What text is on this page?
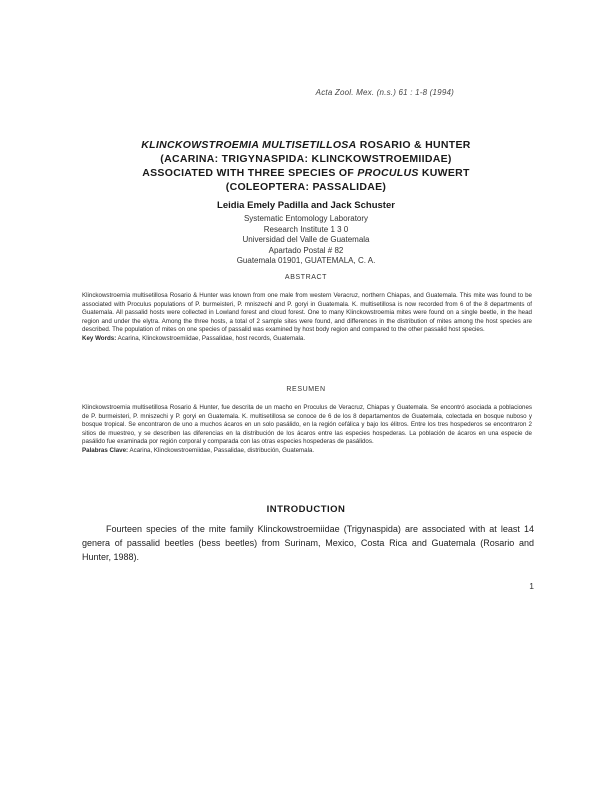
Acta Zool. Mex. (n.s.) 61 : 1-8 (1994)
KLINCKOWSTROEMIA MULTISETILLOSA ROSARIO & HUNTER
(ACARINA: TRIGYNASPIDA: KLINCKOWSTROEMIIDAE)
ASSOCIATED WITH THREE SPECIES OF PROCULUS KUWERT
(COLEOPTERA: PASSALIDAE)
Leidia Emely Padilla and Jack Schuster
Systematic Entomology Laboratory
Research Institute 1 3 0
Universidad del Valle de Guatemala
Apartado Postal # 82
Guatemala 01901, GUATEMALA, C. A.
ABSTRACT
Klinckowstroemia multisetillosa Rosario & Hunter was known from one male from western Veracruz, northern Chiapas, and Guatemala. This mite was found to be associated with Proculus populations of P. burmeisteri, P. mniszechi and P. goryi in Guatemala. K. multisetillosa is now recorded from 6 of the 8 departments of Guatemala. All passalid hosts were collected in Lowland forest and cloud forest. One to many Klinckowstroemia mites were found on a single beetle, in the head region and under the elytra. Among the three hosts, a total of 2 sample sites were found, and differences in the distribution of mites among the host species are described. The population of mites on one species of passalid was examined by host body region and compared to the other passalid host species.
Key Words: Acarina, Klinckowstroemiidae, Passalidae, host records, Guatemala.
RESUMEN
Klinckowstroemia multisetillosa Rosario & Hunter, fue descrita de un macho en Proculus de Veracruz, Chiapas y Guatemala. Se encontró asociada a poblaciones de P. burmeisteri, P. mniszechi y P. goryi en Guatemala. K. multisetillosa se conoce de 6 de los 8 departamentos de Guatemala, colectada en bosque nuboso y bosque tropical. Se encontraron de uno a muchos ácaros en un solo pasálido, en la región cefálica y bajo los élitros. Entre los tres hospederos se encontraron 2 sitios de muestreo, y se describen las diferencias en la distribución de los ácaros entre las especies hospederas. La población de ácaros en una especie de pasálido fue examinada por región corporal y comparada con las otras especies hospederas de pasálidos.
Palabras Clave: Acarina, Klinckowstroemiidae, Passalidae, distribución, Guatemala.
INTRODUCTION
Fourteen species of the mite family Klinckowstroemiidae (Trigynaspida) are associated with at least 14 genera of passalid beetles (bess beetles) from Surinam, Mexico, Costa Rica and Guatemala (Rosario and Hunter, 1988).
1
